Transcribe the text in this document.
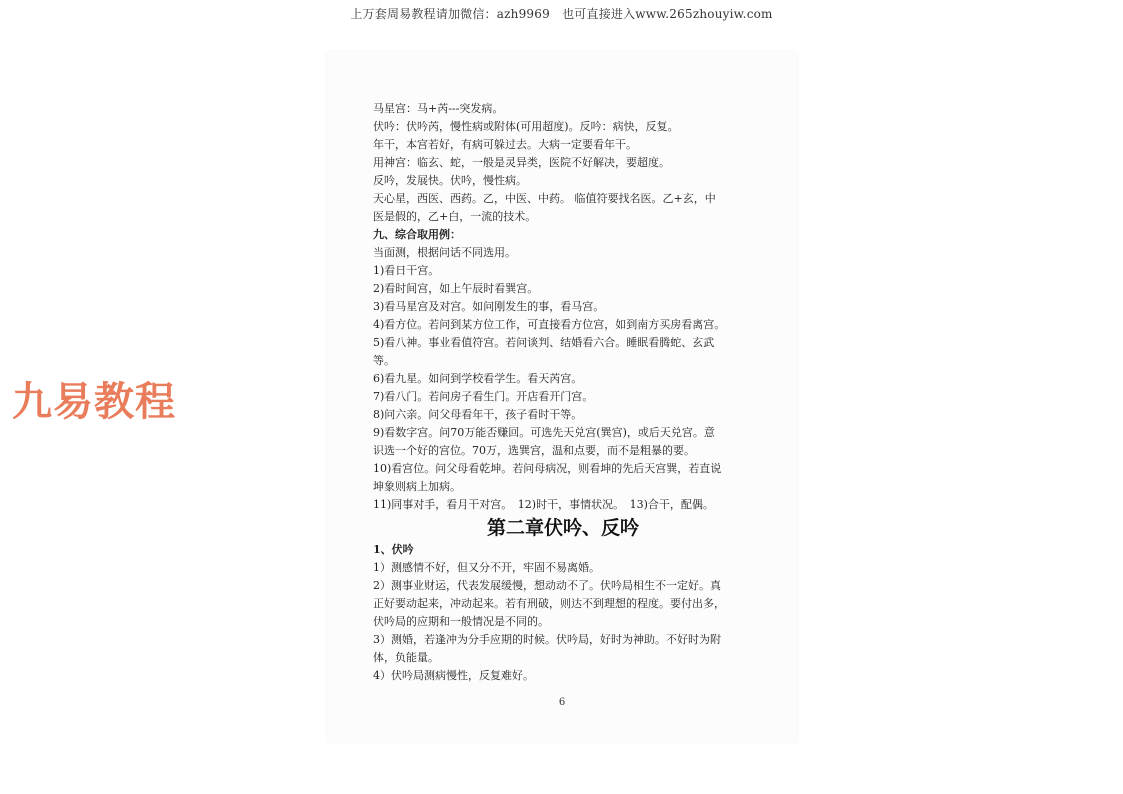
上万套周易教程请加微信：azh9969　也可直接进入www.265zhouyiw.com
九易教程
马星宫：马+芮---突发病。
伏吟：伏吟芮，慢性病或附体(可用超度)。反吟：病快，反复。
年干，本宫若好，有病可躲过去。大病一定要看年干。
用神宫：临玄、蛇，一般是灵异类，医院不好解决，要超度。
反吟，发展快。伏吟，慢性病。
天心星，西医、西药。乙，中医、中药。 临值符要找名医。乙+玄，中
医是假的，乙+白，一流的技术。
九、综合取用例：
当面测，根据问话不同选用。
1)看日干宫。
2)看时间宫，如上午辰时看巽宫。
3)看马星宫及对宫。如问刚发生的事，看马宫。
4)看方位。若问到某方位工作，可直接看方位宫，如到南方买房看离宫。
5)看八神。事业看值符宫。若问谈判、结婚看六合。睡眠看腾蛇、玄武
等。
6)看九星。如问到学校看学生。看天芮宫。
7)看八门。若问房子看生门。开店看开门宫。
8)问六亲。问父母看年干，孩子看时干等。
9)看数字宫。问70万能否赚回。可选先天兑宫(巽宫)，或后天兑宫。意
识选一个好的宫位。70万，选巽宫，温和点要，而不是粗暴的要。
10)看宫位。问父母看乾坤。若问母病况，则看坤的先后天宫巽，若直说
坤象则病上加病。
11)同事对手，看月干对宫。　12)时干，事情状况。　13)合干，配偶。
第二章伏吟、反吟
1、伏吟
1）测感情不好，但又分不开，牢固不易离婚。
2）测事业财运，代表发展缓慢，想动动不了。伏吟局相生不一定好。真
正好要动起来，冲动起来。若有刑破，则达不到理想的程度。要付出多，
伏吟局的应期和一般情况是不同的。
3）测婚，若逢冲为分手应期的时候。伏吟局，好时为神助。不好时为附
体，负能量。
4）伏吟局测病慢性，反复难好。
6
